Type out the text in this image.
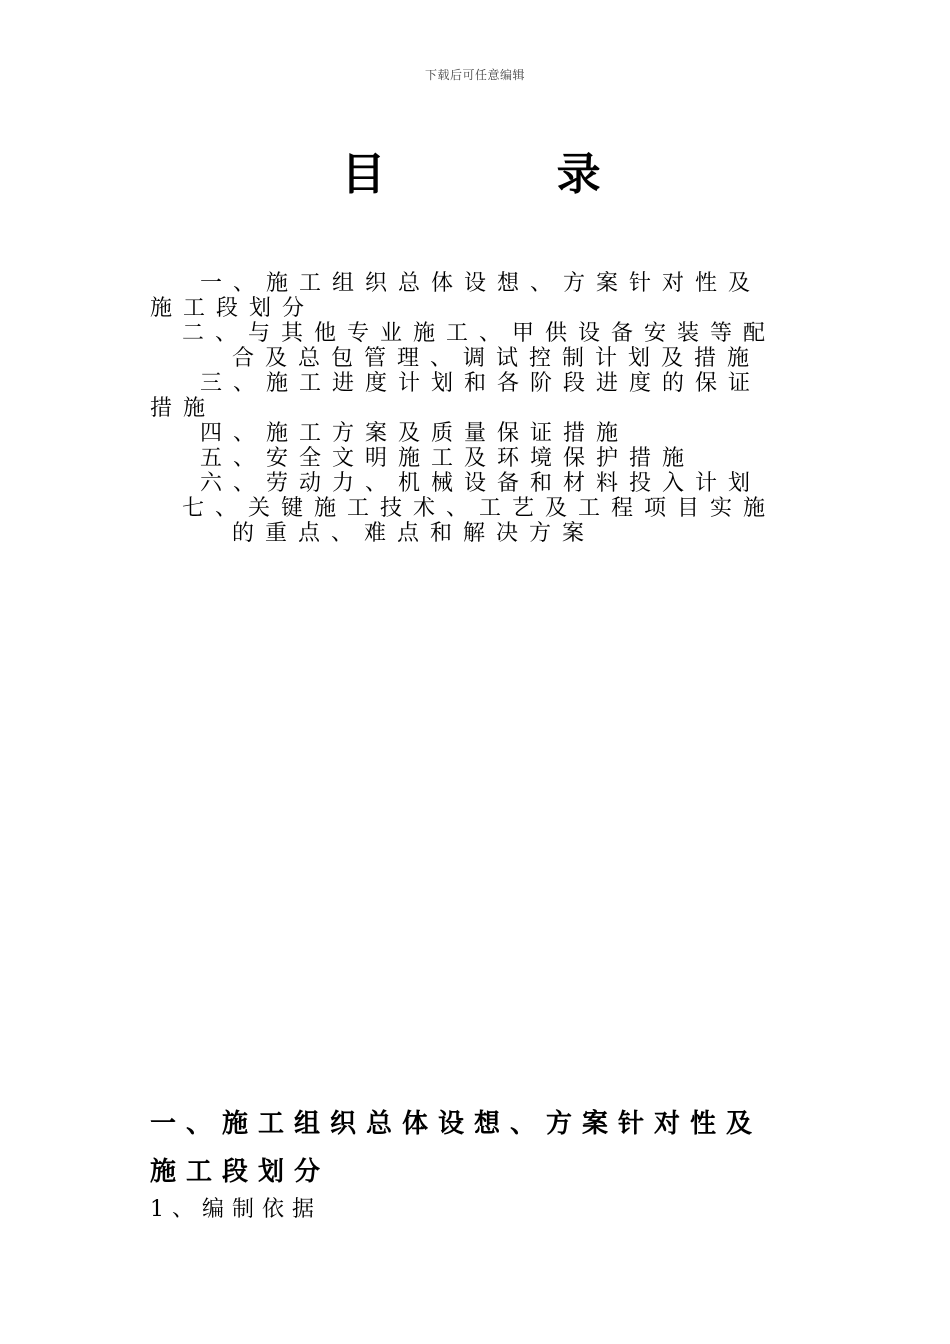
下载后可任意编辑
目 录
一、施工组织总体设想、方案针对性及施工段划分
二、与其他专业施工、甲供设备安装等配
合及总包管理、调试控制计划及措施
三、施工进度计划和各阶段进度的保证措施
四、施工方案及质量保证措施
五、安全文明施工及环境保护措施
六、劳动力、机械设备和材料投入计划
七、关键施工技术、工艺及工程项目实施
的重点、难点和解决方案
一、施工组织总体设想、方案针对性及施工段划分
1、编制依据
